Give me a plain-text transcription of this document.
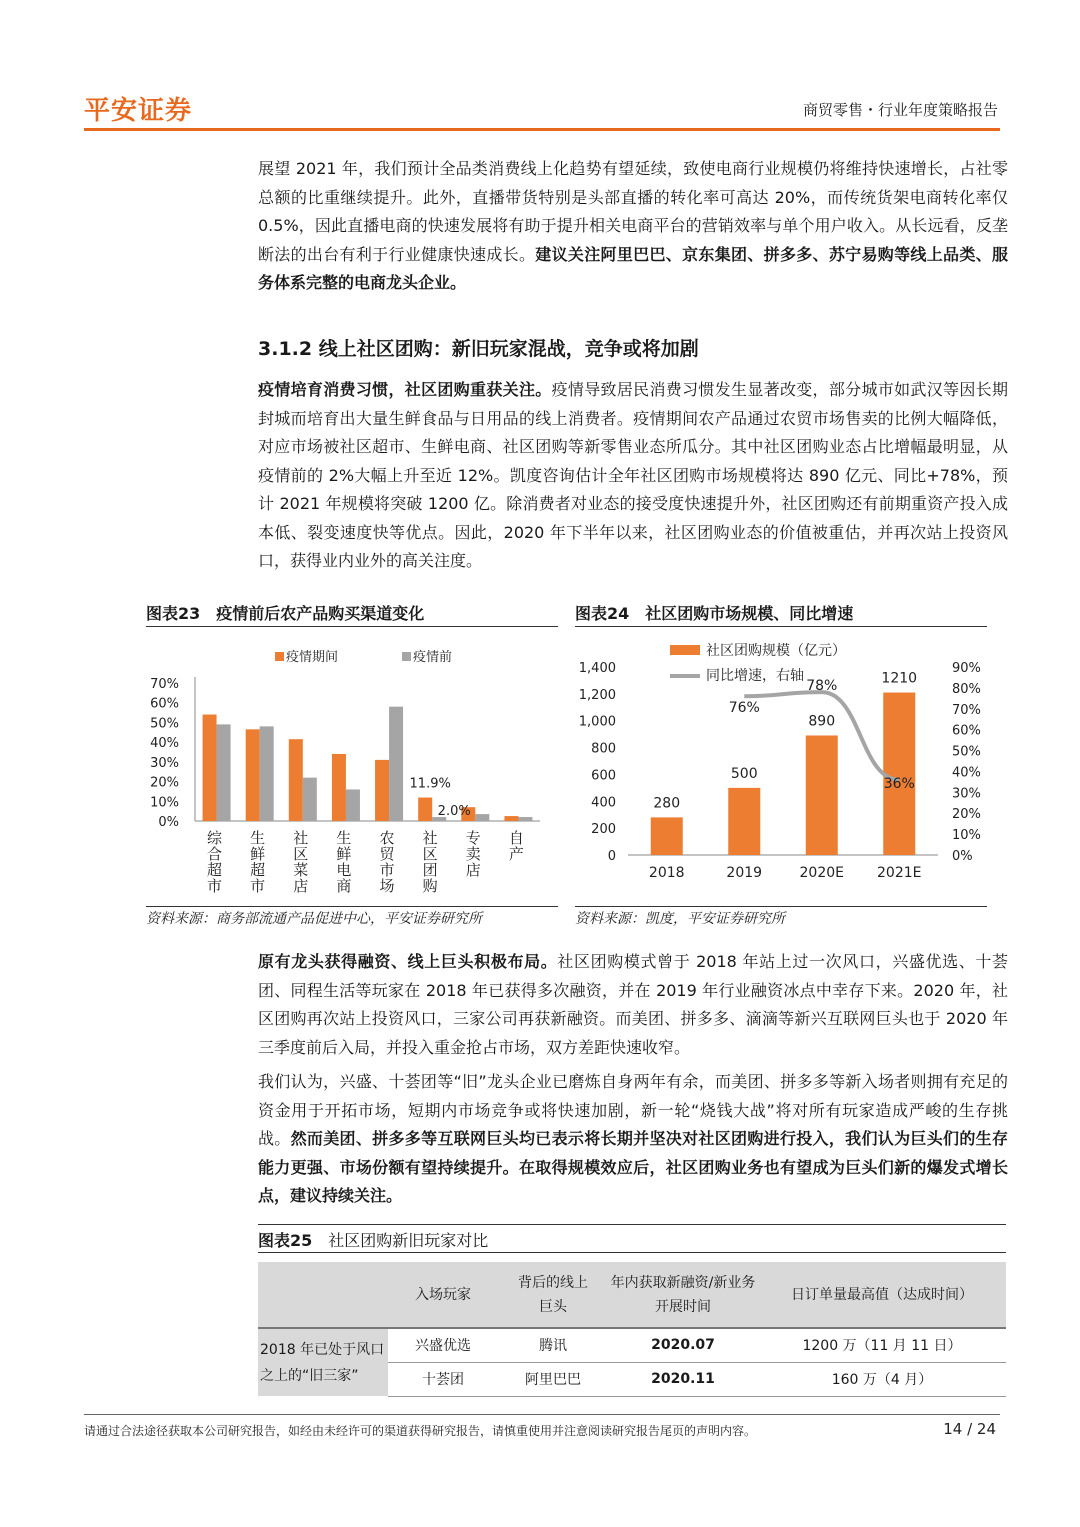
平安证券	商贸零售・行业年度策略报告

展望 2021 年，我们预计全品类消费线上化趋势有望延续，致使电商行业规模仍将维持快速增长，占社零总额的比重继续提升。此外，直播带货特别是头部直播的转化率可高达 20%，而传统货架电商转化率仅 0.5%，因此直播电商的快速发展将有助于提升相关电商平台的营销效率与单个用户收入。从长远看，反垄断法的出台有利于行业健康快速成长。建议关注阿里巴巴、京东集团、拼多多、苏宁易购等线上品类、服务体系完整的电商龙头企业。

3.1.2 线上社区团购：新旧玩家混战，竞争或将加剧

疫情培育消费习惯，社区团购重获关注。疫情导致居民消费习惯发生显著改变，部分城市如武汉等因长期封城而培育出大量生鲜食品与日用品的线上消费者。疫情期间农产品通过农贸市场售卖的比例大幅降低，对应市场被社区超市、生鲜电商、社区团购等新零售业态所瓜分。其中社区团购业态占比增幅最明显，从疫情前的 2%大幅上升至近 12%。凯度咨询估计全年社区团购市场规模将达 890 亿元、同比+78%，预计 2021 年规模将突破 1200 亿。除消费者对业态的接受度快速提升外，社区团购还有前期重资产投入成本低、裂变速度快等优点。因此，2020 年下半年以来，社区团购业态的价值被重估，并再次站上投资风口，获得业内业外的高关注度。

图表23 疫情前后农产品购买渠道变化
0%
10%
20%
30%
40%
50%
60%
70%
综
合
超
市
生
鲜
超
市
社
区
菜
店
生
鲜
电
商
农
贸
市
场
社
区
团
购
专
卖
店
自
产
11.9%
2.0%
疫情期间	疫情前
资料来源：商务部流通产品促进中心，平安证券研究所
图表24 社区团购市场规模、同比增速
0
200
400
600
800
1,000
1,200
1,400
0%
10%
20%
30%
40%
50%
60%
70%
80%
90%
280
2018
500
2019
890
2020E
1210
2021E
76%
78%
36%
社区团购规模（亿元）
同比增速，右轴
资料来源：凯度，平安证券研究所

原有龙头获得融资、线上巨头积极布局。社区团购模式曾于 2018 年站上过一次风口，兴盛优选、十荟团、同程生活等玩家在 2018 年已获得多次融资，并在 2019 年行业融资冰点中幸存下来。2020 年，社区团购再次站上投资风口，三家公司再获新融资。而美团、拼多多、滴滴等新兴互联网巨头也于 2020 年三季度前后入局，并投入重金抢占市场，双方差距快速收窄。

我们认为，兴盛、十荟团等“旧”龙头企业已磨炼自身两年有余，而美团、拼多多等新入场者则拥有充足的资金用于开拓市场，短期内市场竞争或将快速加剧，新一轮“烧钱大战”将对所有玩家造成严峻的生存挑战。然而美团、拼多多等互联网巨头均已表示将长期并坚决对社区团购进行投入，我们认为巨头们的生存能力更强、市场份额有望持续提升。在取得规模效应后，社区团购业务也有望成为巨头们新的爆发式增长点，建议持续关注。

图表25 社区团购新旧玩家对比
	入场玩家	背后的线上巨头	年内获取新融资/新业务开展时间	日订单量最高值（达成时间）
2018 年已处于风口之上的“旧三家”	兴盛优选	腾讯	2020.07	1200 万（11 月 11 日）
	十荟团	阿里巴巴	2020.11	160 万（4 月）
请通过合法途径获取本公司研究报告，如经由未经许可的渠道获得研究报告，请慎重使用并注意阅读研究报告尾页的声明内容。	14 / 24
